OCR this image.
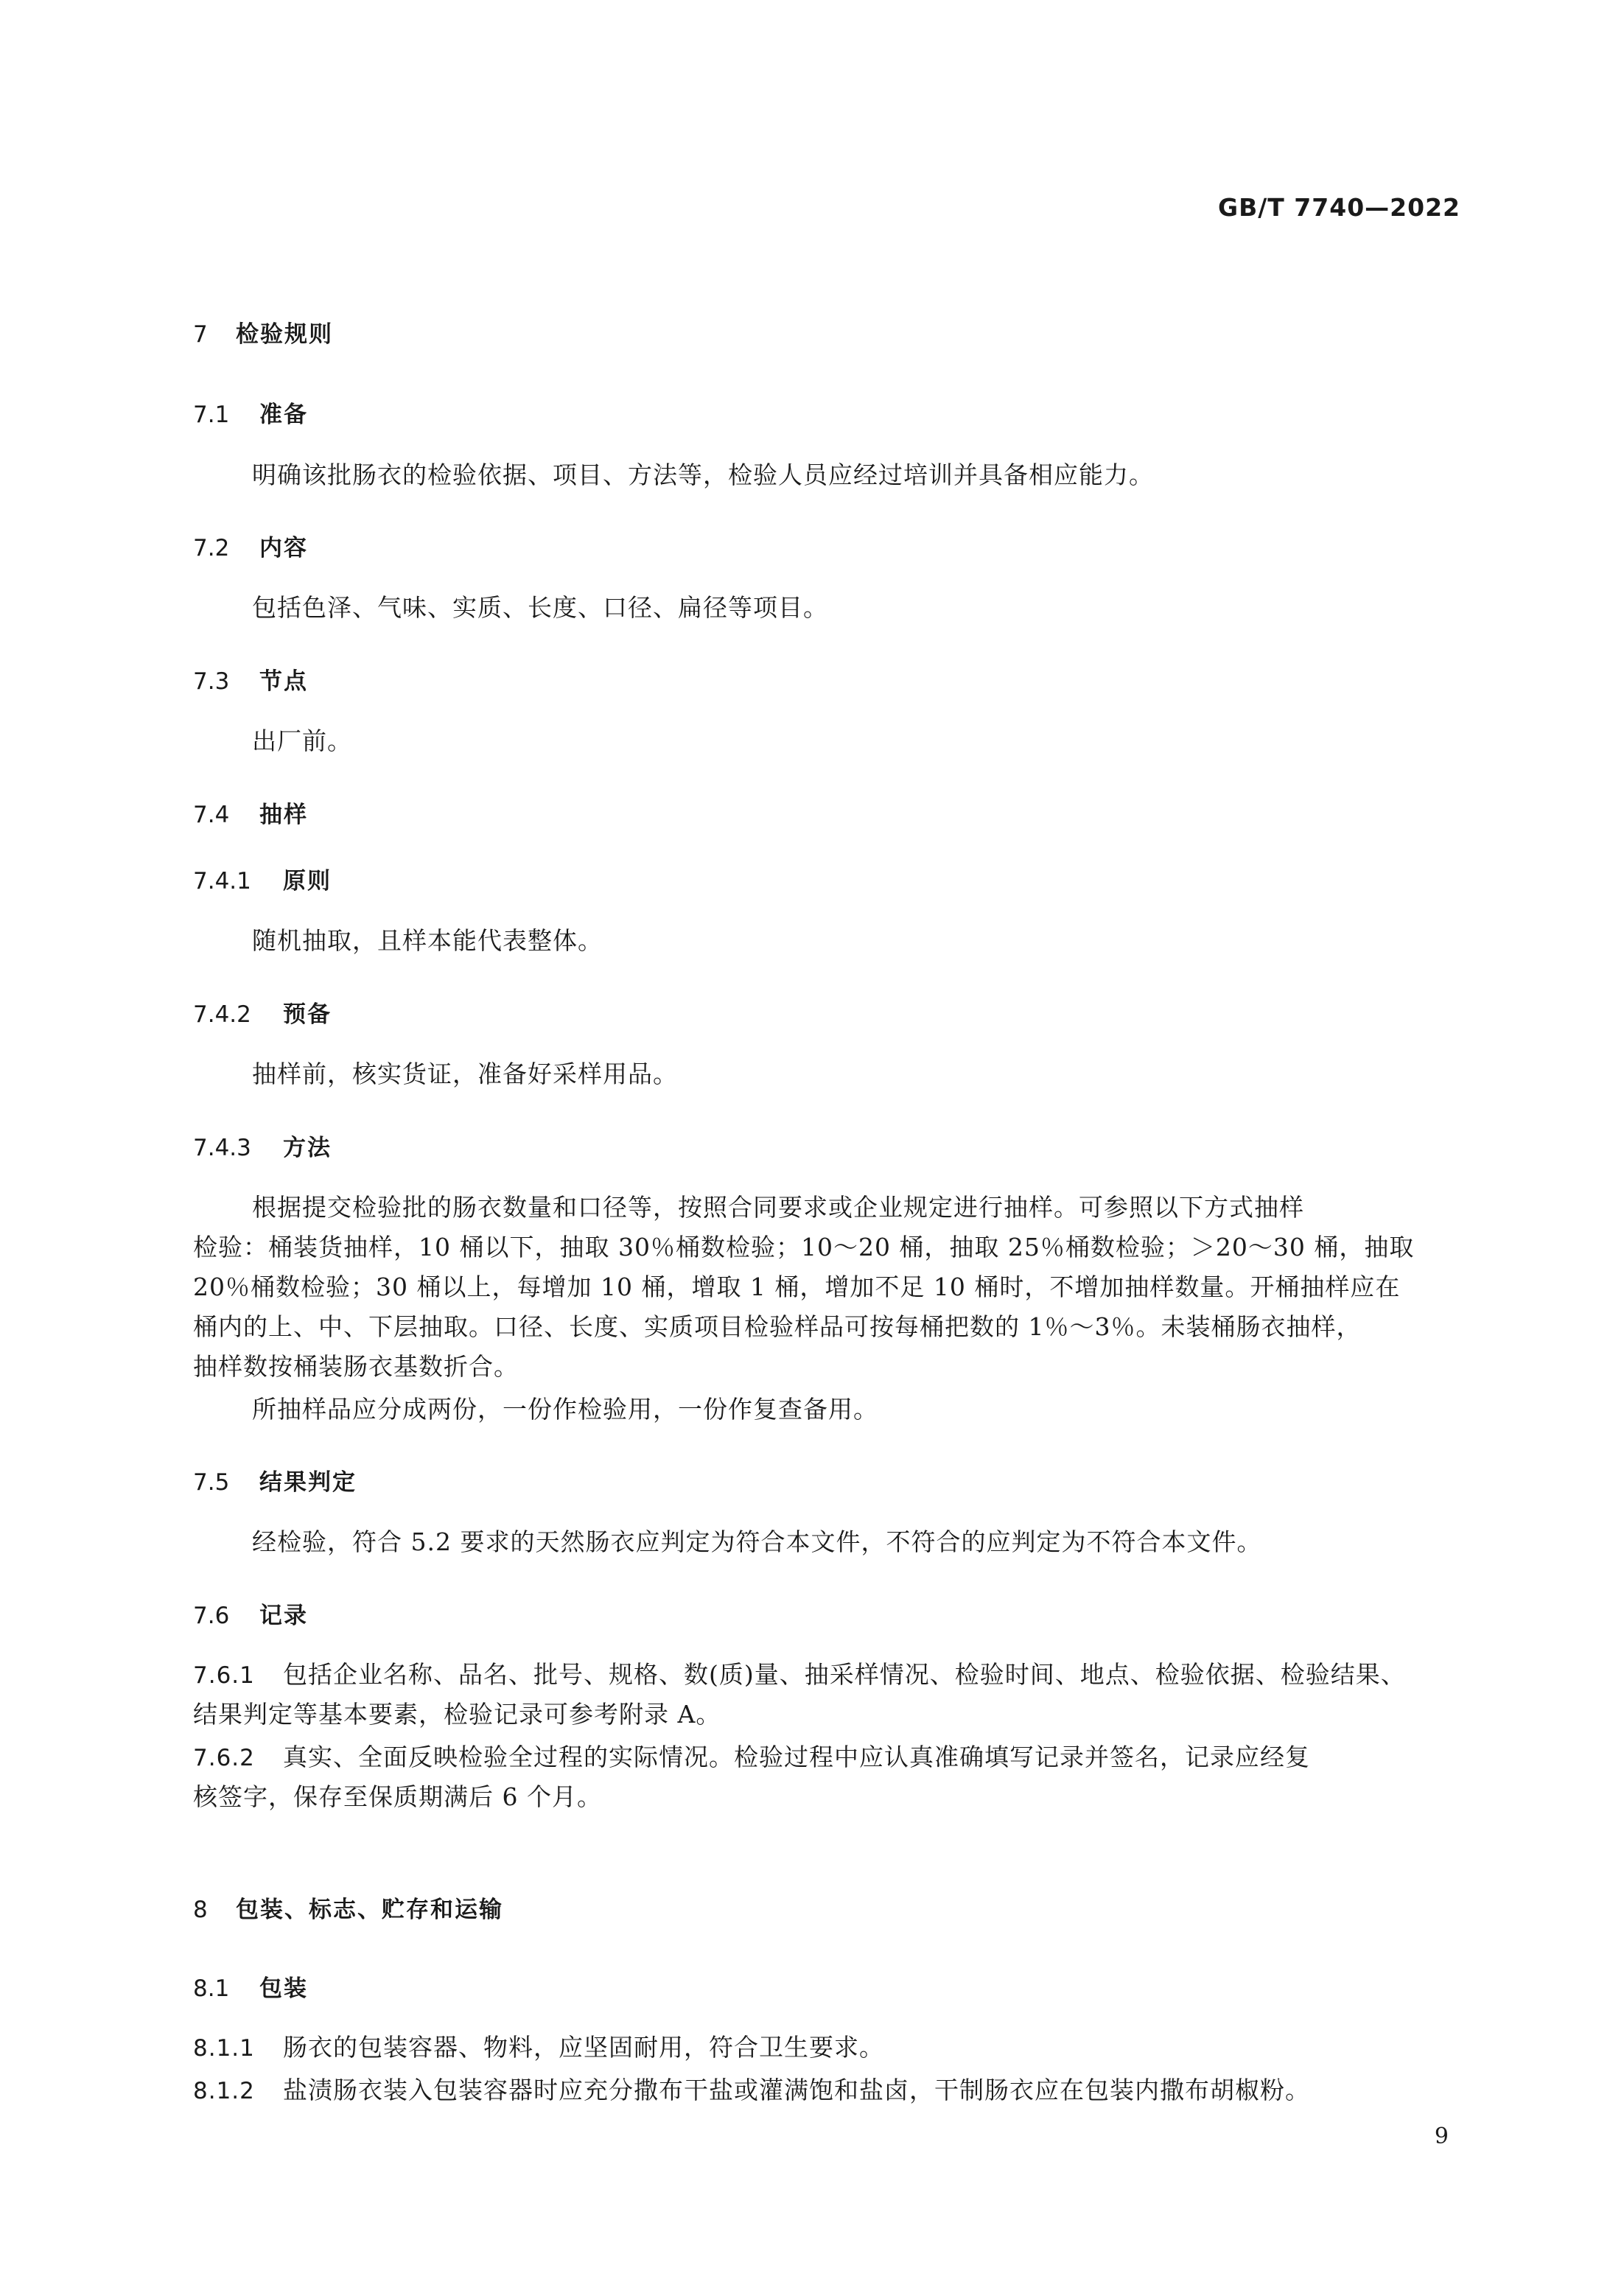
GB/T 7740—2022
7 检验规则
7.1 准备
明确该批肠衣的检验依据、项目、方法等，检验人员应经过培训并具备相应能力。
7.2 内容
包括色泽、气味、实质、长度、口径、扁径等项目。
7.3 节点
出厂前。
7.4 抽样
7.4.1 原则
随机抽取，且样本能代表整体。
7.4.2 预备
抽样前，核实货证，准备好采样用品。
7.4.3 方法
根据提交检验批的肠衣数量和口径等，按照合同要求或企业规定进行抽样。可参照以下方式抽样
检验：桶装货抽样，10 桶以下，抽取 30％桶数检验；10～20 桶，抽取 25％桶数检验；＞20～30 桶，抽取
20％桶数检验；30 桶以上，每增加 10 桶，增取 1 桶，增加不足 10 桶时，不增加抽样数量。开桶抽样应在
桶内的上、中、下层抽取。口径、长度、实质项目检验样品可按每桶把数的 1％～3％。未装桶肠衣抽样，
抽样数按桶装肠衣基数折合。
所抽样品应分成两份，一份作检验用，一份作复查备用。
7.5 结果判定
经检验，符合 5.2 要求的天然肠衣应判定为符合本文件，不符合的应判定为不符合本文件。
7.6 记录
7.6.1 包括企业名称、品名、批号、规格、数(质)量、抽采样情况、检验时间、地点、检验依据、检验结果、
结果判定等基本要素，检验记录可参考附录 A。
7.6.2 真实、全面反映检验全过程的实际情况。检验过程中应认真准确填写记录并签名，记录应经复
核签字，保存至保质期满后 6 个月。
8 包装、标志、贮存和运输
8.1 包装
8.1.1 肠衣的包装容器、物料，应坚固耐用，符合卫生要求。
8.1.2 盐渍肠衣装入包装容器时应充分撒布干盐或灌满饱和盐卤，干制肠衣应在包装内撒布胡椒粉。
9
